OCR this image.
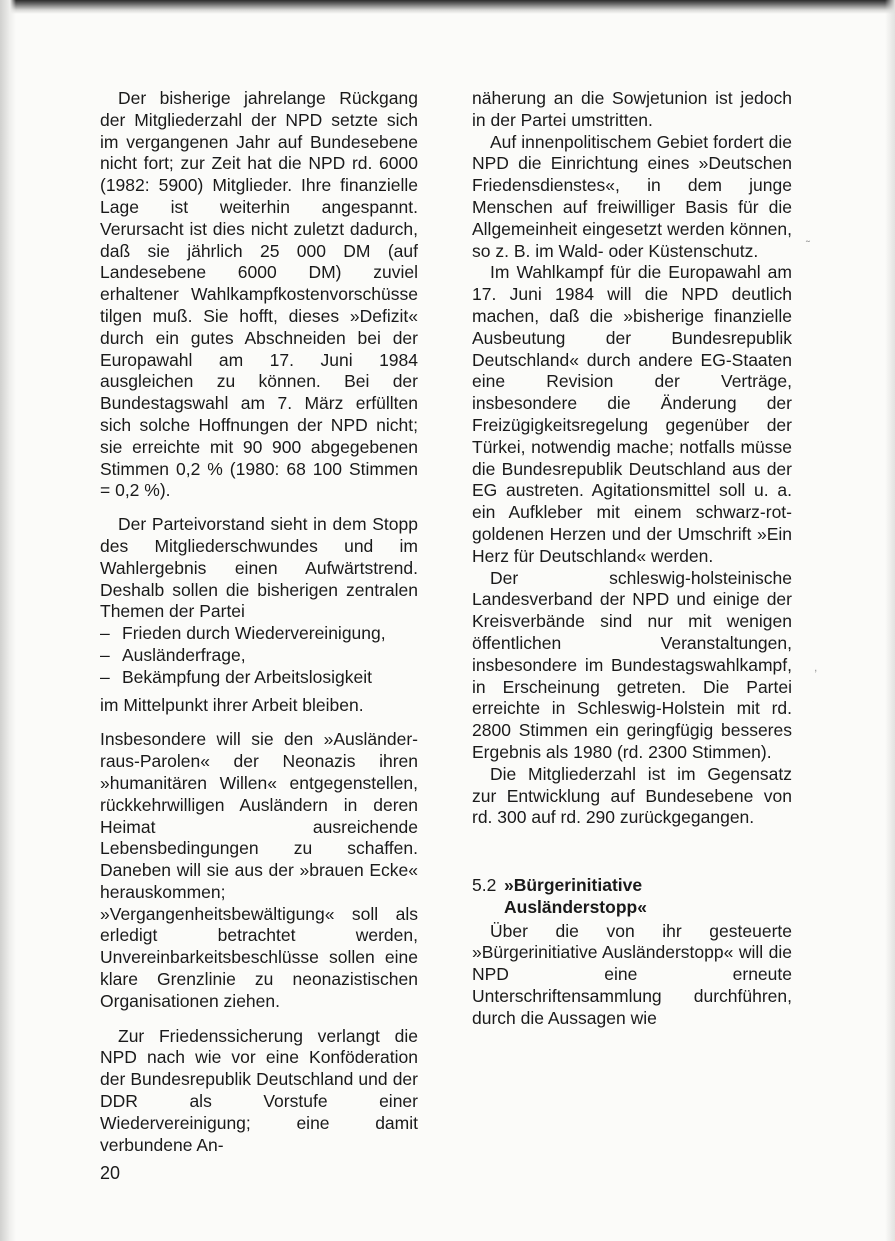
Der bisherige jahrelange Rückgang der Mitgliederzahl der NPD setzte sich im vergangenen Jahr auf Bundesebene nicht fort; zur Zeit hat die NPD rd. 6000 (1982: 5900) Mitglieder. Ihre finanzielle Lage ist weiterhin angespannt. Verursacht ist dies nicht zuletzt dadurch, daß sie jährlich 25 000 DM (auf Landesebene 6000 DM) zuviel erhaltener Wahlkampfkostenvorschüsse tilgen muß. Sie hofft, dieses »Defizit« durch ein gutes Abschneiden bei der Europawahl am 17. Juni 1984 ausgleichen zu können. Bei der Bundestagswahl am 7. März erfüllten sich solche Hoffnungen der NPD nicht; sie erreichte mit 90 900 abgegebenen Stimmen 0,2 % (1980: 68 100 Stimmen = 0,2 %).

Der Parteivorstand sieht in dem Stopp des Mitgliederschwundes und im Wahlergebnis einen Aufwärtstrend. Deshalb sollen die bisherigen zentralen Themen der Partei

– Frieden durch Wiedervereinigung,
– Ausländerfrage,
– Bekämpfung der Arbeitslosigkeit

im Mittelpunkt ihrer Arbeit bleiben.

Insbesondere will sie den »Ausländer-raus-Parolen« der Neonazis ihren »humanitären Willen« entgegenstellen, rückkehrwilligen Ausländern in deren Heimat ausreichende Lebensbedingungen zu schaffen. Daneben will sie aus der »brauen Ecke« herauskommen; »Vergangenheitsbewältigung« soll als erledigt betrachtet werden, Unvereinbarkeitsbeschlüsse sollen eine klare Grenzlinie zu neonazistischen Organisationen ziehen.

Zur Friedenssicherung verlangt die NPD nach wie vor eine Konföderation der Bundesrepublik Deutschland und der DDR als Vorstufe einer Wiedervereinigung; eine damit verbundene An-

näherung an die Sowjetunion ist jedoch in der Partei umstritten.

Auf innenpolitischem Gebiet fordert die NPD die Einrichtung eines »Deutschen Friedensdienstes«, in dem junge Menschen auf freiwilliger Basis für die Allgemeinheit eingesetzt werden können, so z. B. im Wald- oder Küstenschutz.

Im Wahlkampf für die Europawahl am 17. Juni 1984 will die NPD deutlich machen, daß die »bisherige finanzielle Ausbeutung der Bundesrepublik Deutschland« durch andere EG-Staaten eine Revision der Verträge, insbesondere die Änderung der Freizügigkeitsregelung gegenüber der Türkei, notwendig mache; notfalls müsse die Bundesrepublik Deutschland aus der EG austreten. Agitationsmittel soll u. a. ein Aufkleber mit einem schwarz-rot-goldenen Herzen und der Umschrift »Ein Herz für Deutschland« werden.

Der schleswig-holsteinische Landesverband der NPD und einige der Kreisverbände sind nur mit wenigen öffentlichen Veranstaltungen, insbesondere im Bundestagswahlkampf, in Erscheinung getreten. Die Partei erreichte in Schleswig-Holstein mit rd. 2800 Stimmen ein geringfügig besseres Ergebnis als 1980 (rd. 2300 Stimmen).

Die Mitgliederzahl ist im Gegensatz zur Entwicklung auf Bundesebene von rd. 300 auf rd. 290 zurückgegangen.

5.2 »Bürgerinitiative
Ausländerstopp«

Über die von ihr gesteuerte »Bürgerinitiative Ausländerstopp« will die NPD eine erneute Unterschriftensammlung durchführen, durch die Aussagen wie

20
˜
,
